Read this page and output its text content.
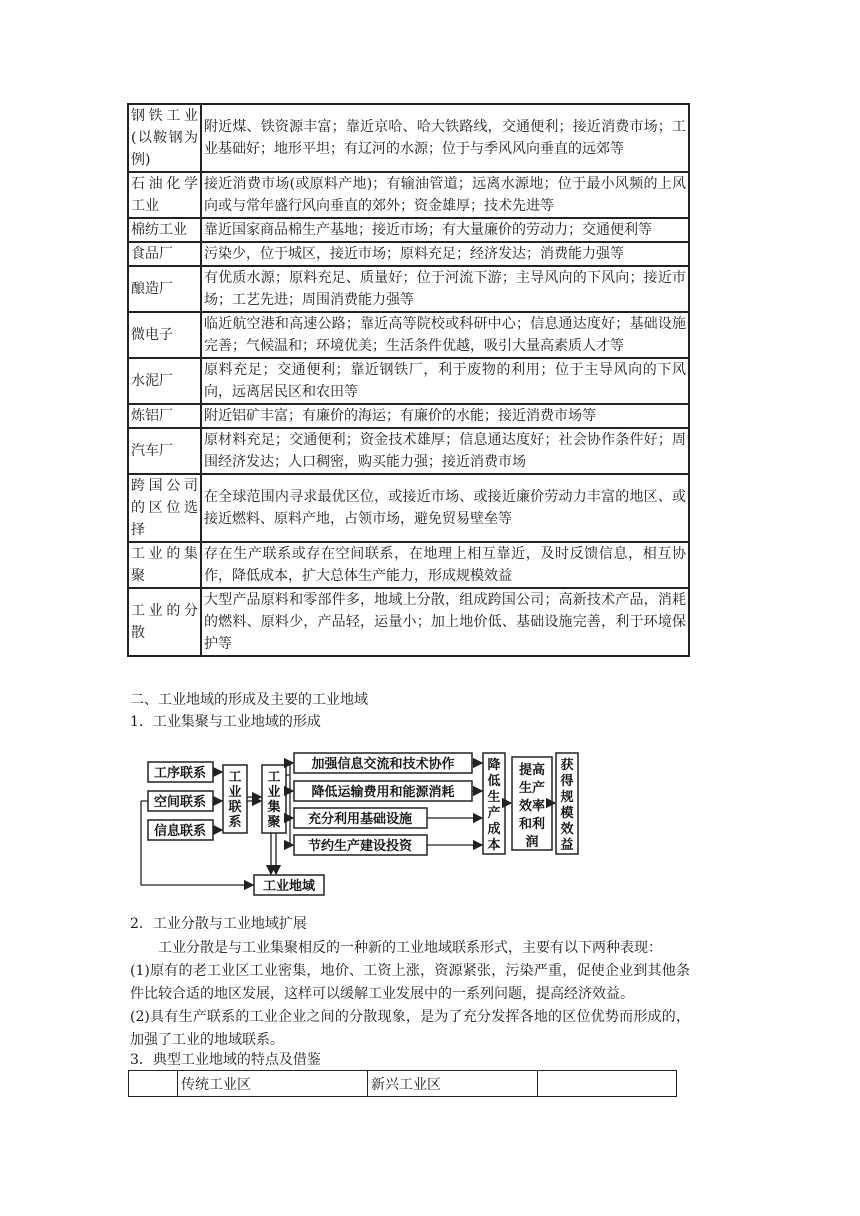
钢铁工业(以鞍钢为例)	附近煤、铁资源丰富；靠近京哈、哈大铁路线，交通便利；接近消费市场；工业基础好；地形平坦；有辽河的水源；位于与季风风向垂直的远郊等
石油化学工业	接近消费市场(或原料产地)；有输油管道；远离水源地；位于最小风频的上风向或与常年盛行风向垂直的郊外；资金雄厚；技术先进等
棉纺工业	靠近国家商品棉生产基地；接近市场；有大量廉价的劳动力；交通便利等
食品厂	污染少，位于城区，接近市场；原料充足；经济发达；消费能力强等
酿造厂	有优质水源；原料充足、质量好；位于河流下游；主导风向的下风向；接近市场；工艺先进；周围消费能力强等
微电子	临近航空港和高速公路；靠近高等院校或科研中心；信息通达度好；基础设施完善；气候温和；环境优美；生活条件优越，吸引大量高素质人才等
水泥厂	原料充足；交通便利；靠近钢铁厂，利于废物的利用；位于主导风向的下风向，远离居民区和农田等
炼铝厂	附近铝矿丰富；有廉价的海运；有廉价的水能；接近消费市场等
汽车厂	原材料充足；交通便利；资金技术雄厚；信息通达度好；社会协作条件好；周围经济发达；人口稠密，购买能力强；接近消费市场
跨国公司的区位选择	在全球范围内寻求最优区位，或接近市场、或接近廉价劳动力丰富的地区、或接近燃料、原料产地，占领市场，避免贸易壁垒等
工业的集聚	存在生产联系或存在空间联系，在地理上相互靠近，及时反馈信息，相互协作，降低成本，扩大总体生产能力，形成规模效益
工业的分散	大型产品原料和零部件多，地域上分散，组成跨国公司；高新技术产品，消耗的燃料、原料少，产品轻，运量小；加上地价低、基础设施完善，利于环境保护等
二、工业地域的形成及主要的工业地域
1．工业集聚与工业地域的形成
工序联系
空间联系
信息联系
加强信息交流和技术协作
降低运输费用和能源消耗
充分利用基础设施
节约生产建设投资
工业地域
工
业
联
系
工
业
集
聚
降
低
生
产
成
本
提高
生产
效率
和利
润
获
得
规
模
效
益
2．工业分散与工业地域扩展
工业分散是与工业集聚相反的一种新的工业地域联系形式，主要有以下两种表现：
(1)原有的老工业区工业密集，地价、工资上涨，资源紧张，污染严重，促使企业到其他条件比较合适的地区发展，这样可以缓解工业发展中的一系列问题，提高经济效益。
(2)具有生产联系的工业企业之间的分散现象，是为了充分发挥各地的区位优势而形成的，加强了工业的地域联系。
3．典型工业地域的特点及借鉴
	传统工业区	新兴工业区	
